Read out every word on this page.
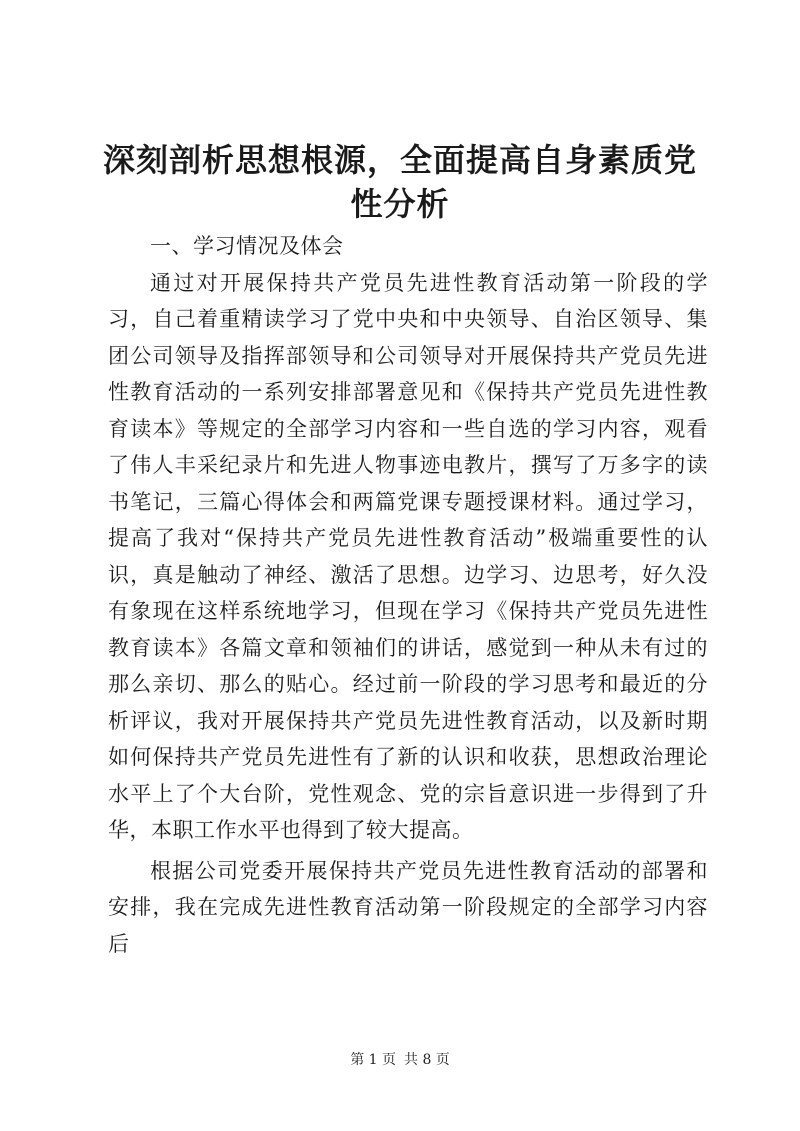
深刻剖析思想根源，全面提高自身素质党性分析

一、学习情况及体会

通过对开展保持共产党员先进性教育活动第一阶段的学习，自己着重精读学习了党中央和中央领导、自治区领导、集团公司领导及指挥部领导和公司领导对开展保持共产党员先进性教育活动的一系列安排部署意见和《保持共产党员先进性教育读本》等规定的全部学习内容和一些自选的学习内容，观看了伟人丰采纪录片和先进人物事迹电教片，撰写了万多字的读书笔记，三篇心得体会和两篇党课专题授课材料。通过学习，提高了我对“保持共产党员先进性教育活动”极端重要性的认识，真是触动了神经、激活了思想。边学习、边思考，好久没有象现在这样系统地学习，但现在学习《保持共产党员先进性教育读本》各篇文章和领袖们的讲话，感觉到一种从未有过的那么亲切、那么的贴心。经过前一阶段的学习思考和最近的分析评议，我对开展保持共产党员先进性教育活动，以及新时期如何保持共产党员先进性有了新的认识和收获，思想政治理论水平上了个大台阶，党性观念、党的宗旨意识进一步得到了升华，本职工作水平也得到了较大提高。

根据公司党委开展保持共产党员先进性教育活动的部署和安排，我在完成先进性教育活动第一阶段规定的全部学习内容后

第 1 页 共 8 页
